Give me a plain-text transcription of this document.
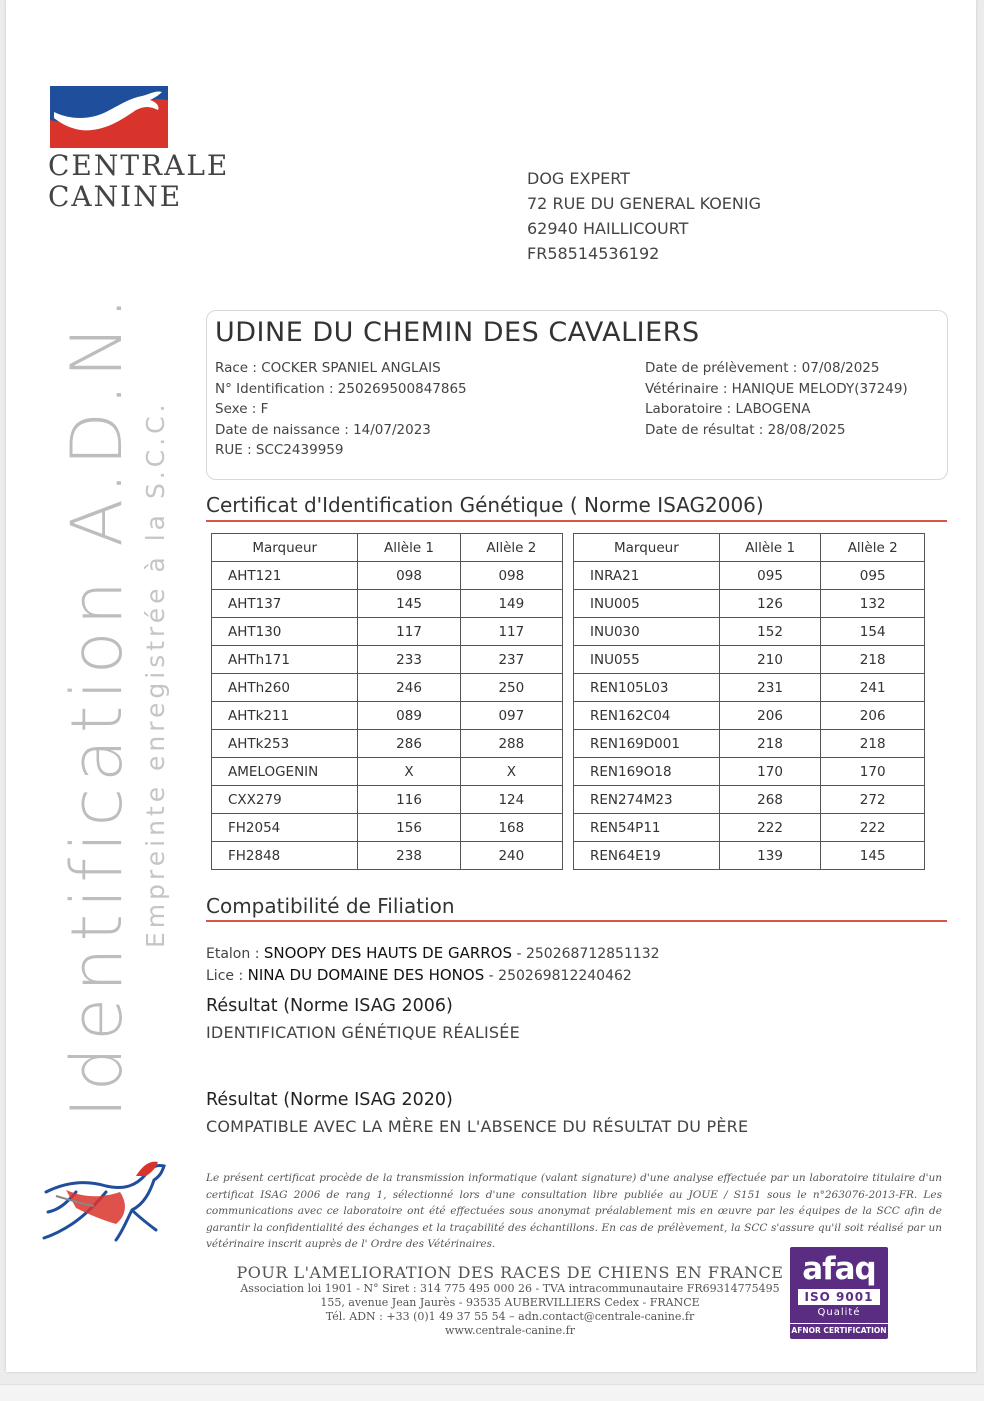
CENTRALE
CANINE
Identification A.D.N. Empreinte enregistrée à la S.C.C.
DOG EXPERT
72 RUE DU GENERAL KOENIG
62940 HAILLICOURT
FR58514536192
UDINE DU CHEMIN DES CAVALIERS
Race : COCKER SPANIEL ANGLAIS
N° Identification : 250269500847865
Sexe : F
Date de naissance : 14/07/2023
RUE : SCC2439959
Date de prélèvement : 07/08/2025
Vétérinaire : HANIQUE MELODY(37249)
Laboratoire : LABOGENA
Date de résultat : 28/08/2025
Certificat d'Identification Génétique ( Norme ISAG2006)
Marqueur	Allèle 1	Allèle 2
AHT121	098	098
AHT137	145	149
AHT130	117	117
AHTh171	233	237
AHTh260	246	250
AHTk211	089	097
AHTk253	286	288
AMELOGENIN	X	X
CXX279	116	124
FH2054	156	168
FH2848	238	240
Marqueur	Allèle 1	Allèle 2
INRA21	095	095
INU005	126	132
INU030	152	154
INU055	210	218
REN105L03	231	241
REN162C04	206	206
REN169D001	218	218
REN169O18	170	170
REN274M23	268	272
REN54P11	222	222
REN64E19	139	145
Compatibilité de Filiation
Etalon : SNOOPY DES HAUTS DE GARROS - 250268712851132
Lice : NINA DU DOMAINE DES HONOS - 250269812240462
Résultat (Norme ISAG 2006)
IDENTIFICATION GÉNÉTIQUE RÉALISÉE
Résultat (Norme ISAG 2020)
COMPATIBLE AVEC LA MÈRE EN L'ABSENCE DU RÉSULTAT DU PÈRE
Le présent certificat procède de la transmission informatique (valant signature) d'une analyse effectuée par un laboratoire titulaire d'un certificat ISAG 2006 de rang 1, sélectionné lors d'une consultation libre publiée au JOUE / S151 sous le n°263076-2013-FR. Les communications avec ce laboratoire ont été effectuées sous anonymat préalablement mis en œuvre par les équipes de la SCC afin de garantir la confidentialité des échanges et la traçabilité des échantillons. En cas de prélèvement, la SCC s'assure qu'il soit réalisé par un vétérinaire inscrit auprès de l' Ordre des Vétérinaires.
POUR L'AMELIORATION DES RACES DE CHIENS EN FRANCE
Association loi 1901 - N° Siret : 314 775 495 000 26 - TVA intracommunautaire FR69314775495
155, avenue Jean Jaurès - 93535 AUBERVILLIERS Cedex - FRANCE
Tél. ADN : +33 (0)1 49 37 55 54 – adn.contact@centrale-canine.fr
www.centrale-canine.fr
afaq
ISO 9001
Qualité
AFNOR CERTIFICATION
